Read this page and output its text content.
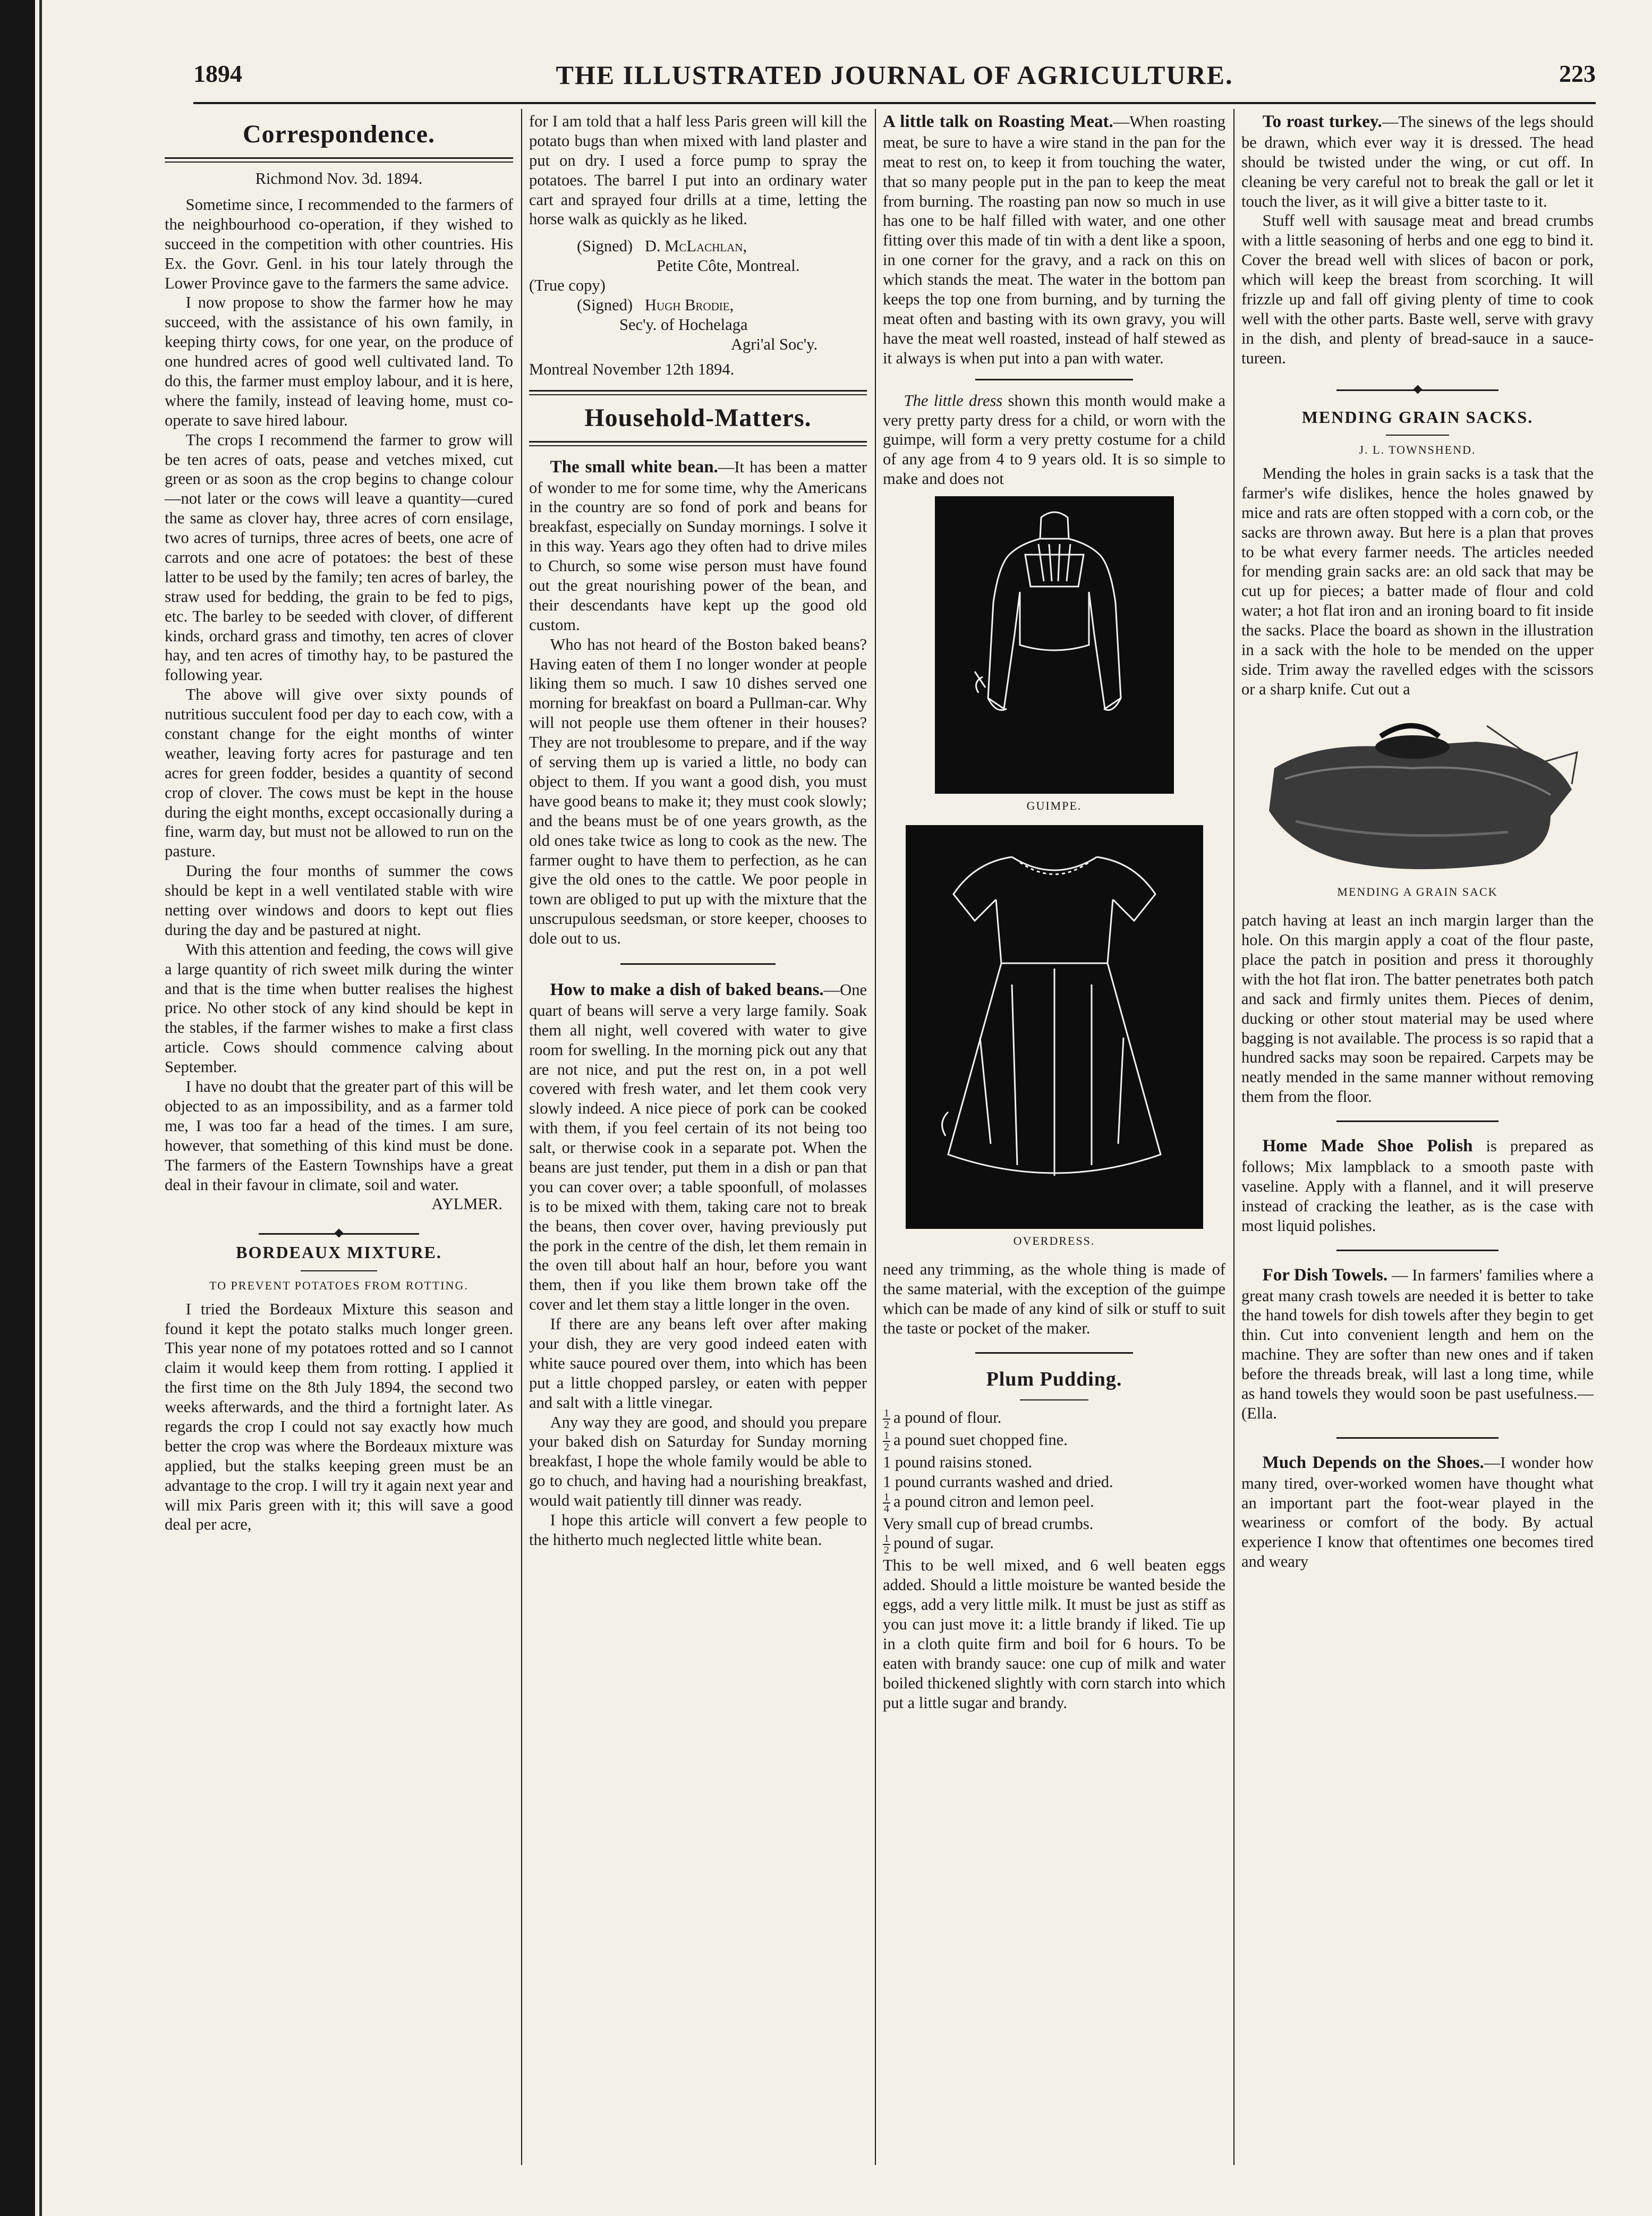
1894	THE ILLUSTRATED JOURNAL OF AGRICULTURE.	223
Correspondence.

Richmond Nov. 3d. 1894.

Sometime since, I recommended to the farmers of the neighbourhood co-operation, if they wished to succeed in the competition with other countries. His Ex. the Govr. Genl. in his tour lately through the Lower Province gave to the farmers the same advice.

I now propose to show the farmer how he may succeed, with the assistance of his own family, in keeping thirty cows, for one year, on the produce of one hundred acres of good well cultivated land. To do this, the farmer must employ labour, and it is here, where the family, instead of leaving home, must co-operate to save hired labour.

The crops I recommend the farmer to grow will be ten acres of oats, pease and vetches mixed, cut green or as soon as the crop begins to change colour—not later or the cows will leave a quantity—cured the same as clover hay, three acres of corn ensilage, two acres of turnips, three acres of beets, one acre of carrots and one acre of potatoes: the best of these latter to be used by the family; ten acres of barley, the straw used for bedding, the grain to be fed to pigs, etc. The barley to be seeded with clover, of different kinds, orchard grass and timothy, ten acres of clover hay, and ten acres of timothy hay, to be pastured the following year.

The above will give over sixty pounds of nutritious succulent food per day to each cow, with a constant change for the eight months of winter weather, leaving forty acres for pasturage and ten acres for green fodder, besides a quantity of second crop of clover. The cows must be kept in the house during the eight months, except occasionally during a fine, warm day, but must not be allowed to run on the pasture.

During the four months of summer the cows should be kept in a well ventilated stable with wire netting over windows and doors to kept out flies during the day and be pastured at night.

With this attention and feeding, the cows will give a large quantity of rich sweet milk during the winter and that is the time when butter realises the highest price. No other stock of any kind should be kept in the stables, if the farmer wishes to make a first class article. Cows should commence calving about September.

I have no doubt that the greater part of this will be objected to as an impossibility, and as a farmer told me, I was too far a head of the times. I am sure, however, that something of this kind must be done. The farmers of the Eastern Townships have a great deal in their favour in climate, soil and water.

AYLMER.

BORDEAUX MIXTURE.
TO PREVENT POTATOES FROM ROTTING.

I tried the Bordeaux Mixture this season and found it kept the potato stalks much longer green. This year none of my potatoes rotted and so I cannot claim it would keep them from rotting. I applied it the first time on the 8th July 1894, the second two weeks afterwards, and the third a fortnight later. As regards the crop I could not say exactly how much better the crop was where the Bordeaux mixture was applied, but the stalks keeping green must be an advantage to the crop. I will try it again next year and will mix Paris green with it; this will save a good deal per acre,

for I am told that a half less Paris green will kill the potato bugs than when mixed with land plaster and put on dry. I used a force pump to spray the potatoes. The barrel I put into an ordinary water cart and sprayed four drills at a time, letting the horse walk as quickly as he liked.

(Signed) D. McLachlan,

Petite Côte, Montreal.

(True copy)

(Signed) Hugh Brodie,

Sec'y. of Hochelaga

Agri'al Soc'y.

Montreal November 12th 1894.

Household-Matters.

The small white bean.—It has been a matter of wonder to me for some time, why the Americans in the country are so fond of pork and beans for breakfast, especially on Sunday mornings. I solve it in this way. Years ago they often had to drive miles to Church, so some wise person must have found out the great nourishing power of the bean, and their descendants have kept up the good old custom.

Who has not heard of the Boston baked beans? Having eaten of them I no longer wonder at people liking them so much. I saw 10 dishes served one morning for breakfast on board a Pullman-car. Why will not people use them oftener in their houses? They are not troublesome to prepare, and if the way of serving them up is varied a little, no body can object to them. If you want a good dish, you must have good beans to make it; they must cook slowly; and the beans must be of one years growth, as the old ones take twice as long to cook as the new. The farmer ought to have them to perfection, as he can give the old ones to the cattle. We poor people in town are obliged to put up with the mixture that the unscrupulous seedsman, or store keeper, chooses to dole out to us.

How to make a dish of baked beans.—One quart of beans will serve a very large family. Soak them all night, well covered with water to give room for swelling. In the morning pick out any that are not nice, and put the rest on, in a pot well covered with fresh water, and let them cook very slowly indeed. A nice piece of pork can be cooked with them, if you feel certain of its not being too salt, or therwise cook in a separate pot. When the beans are just tender, put them in a dish or pan that you can cover over; a table spoonfull, of molasses is to be mixed with them, taking care not to break the beans, then cover over, having previously put the pork in the centre of the dish, let them remain in the oven till about half an hour, before you want them, then if you like them brown take off the cover and let them stay a little longer in the oven.

If there are any beans left over after making your dish, they are very good indeed eaten with white sauce poured over them, into which has been put a little chopped parsley, or eaten with pepper and salt with a little vinegar.

Any way they are good, and should you prepare your baked dish on Saturday for Sunday morning breakfast, I hope the whole family would be able to go to chuch, and having had a nourishing breakfast, would wait patiently till dinner was ready.

I hope this article will convert a few people to the hitherto much neglected little white bean.

A little talk on Roasting Meat.—When roasting meat, be sure to have a wire stand in the pan for the meat to rest on, to keep it from touching the water, that so many people put in the pan to keep the meat from burning. The roasting pan now so much in use has one to be half filled with water, and one other fitting over this made of tin with a dent like a spoon, in one corner for the gravy, and a rack on this on which stands the meat. The water in the bottom pan keeps the top one from burning, and by turning the meat often and basting with its own gravy, you will have the meat well roasted, instead of half stewed as it always is when put into a pan with water.

The little dress shown this month would make a very pretty party dress for a child, or worn with the guimpe, will form a very pretty costume for a child of any age from 4 to 9 years old. It is so simple to make and does not

GUIMPE.
OVERDRESS.

need any trimming, as the whole thing is made of the same material, with the exception of the guimpe which can be made of any kind of silk or stuff to suit the taste or pocket of the maker.

Plum Pudding.

$\frac{1}{2}$ a pound of flour.

$\frac{1}{2}$ a pound suet chopped fine.

1 pound raisins stoned.

1 pound currants washed and dried.

$\frac{1}{4}$ a pound citron and lemon peel.

Very small cup of bread crumbs.

$\frac{1}{2}$ pound of sugar.

This to be well mixed, and 6 well beaten eggs added. Should a little moisture be wanted beside the eggs, add a very little milk. It must be just as stiff as you can just move it: a little brandy if liked. Tie up in a cloth quite firm and boil for 6 hours. To be eaten with brandy sauce: one cup of milk and water boiled thickened slightly with corn starch into which put a little sugar and brandy.

To roast turkey.—The sinews of the legs should be drawn, which ever way it is dressed. The head should be twisted under the wing, or cut off. In cleaning be very careful not to break the gall or let it touch the liver, as it will give a bitter taste to it.

Stuff well with sausage meat and bread crumbs with a little seasoning of herbs and one egg to bind it. Cover the bread well with slices of bacon or pork, which will keep the breast from scorching. It will frizzle up and fall off giving plenty of time to cook well with the other parts. Baste well, serve with gravy in the dish, and plenty of bread-sauce in a sauce-tureen.

MENDING GRAIN SACKS.
J. L. TOWNSHEND.

Mending the holes in grain sacks is a task that the farmer's wife dislikes, hence the holes gnawed by mice and rats are often stopped with a corn cob, or the sacks are thrown away. But here is a plan that proves to be what every farmer needs. The articles needed for mending grain sacks are: an old sack that may be cut up for pieces; a batter made of flour and cold water; a hot flat iron and an ironing board to fit inside the sacks. Place the board as shown in the illustration in a sack with the hole to be mended on the upper side. Trim away the ravelled edges with the scissors or a sharp knife. Cut out a

MENDING A GRAIN SACK

patch having at least an inch margin larger than the hole. On this margin apply a coat of the flour paste, place the patch in position and press it thoroughly with the hot flat iron. The batter penetrates both patch and sack and firmly unites them. Pieces of denim, ducking or other stout material may be used where bagging is not available. The process is so rapid that a hundred sacks may soon be repaired. Carpets may be neatly mended in the same manner without removing them from the floor.

Home Made Shoe Polish is prepared as follows; Mix lampblack to a smooth paste with vaseline. Apply with a flannel, and it will preserve instead of cracking the leather, as is the case with most liquid polishes.

For Dish Towels. — In farmers' families where a great many crash towels are needed it is better to take the hand towels for dish towels after they begin to get thin. Cut into convenient length and hem on the machine. They are softer than new ones and if taken before the threads break, will last a long time, while as hand towels they would soon be past usefulness.—(Ella.

Much Depends on the Shoes.—I wonder how many tired, over-worked women have thought what an important part the foot-wear played in the weariness or comfort of the body. By actual experience I know that oftentimes one becomes tired and weary
